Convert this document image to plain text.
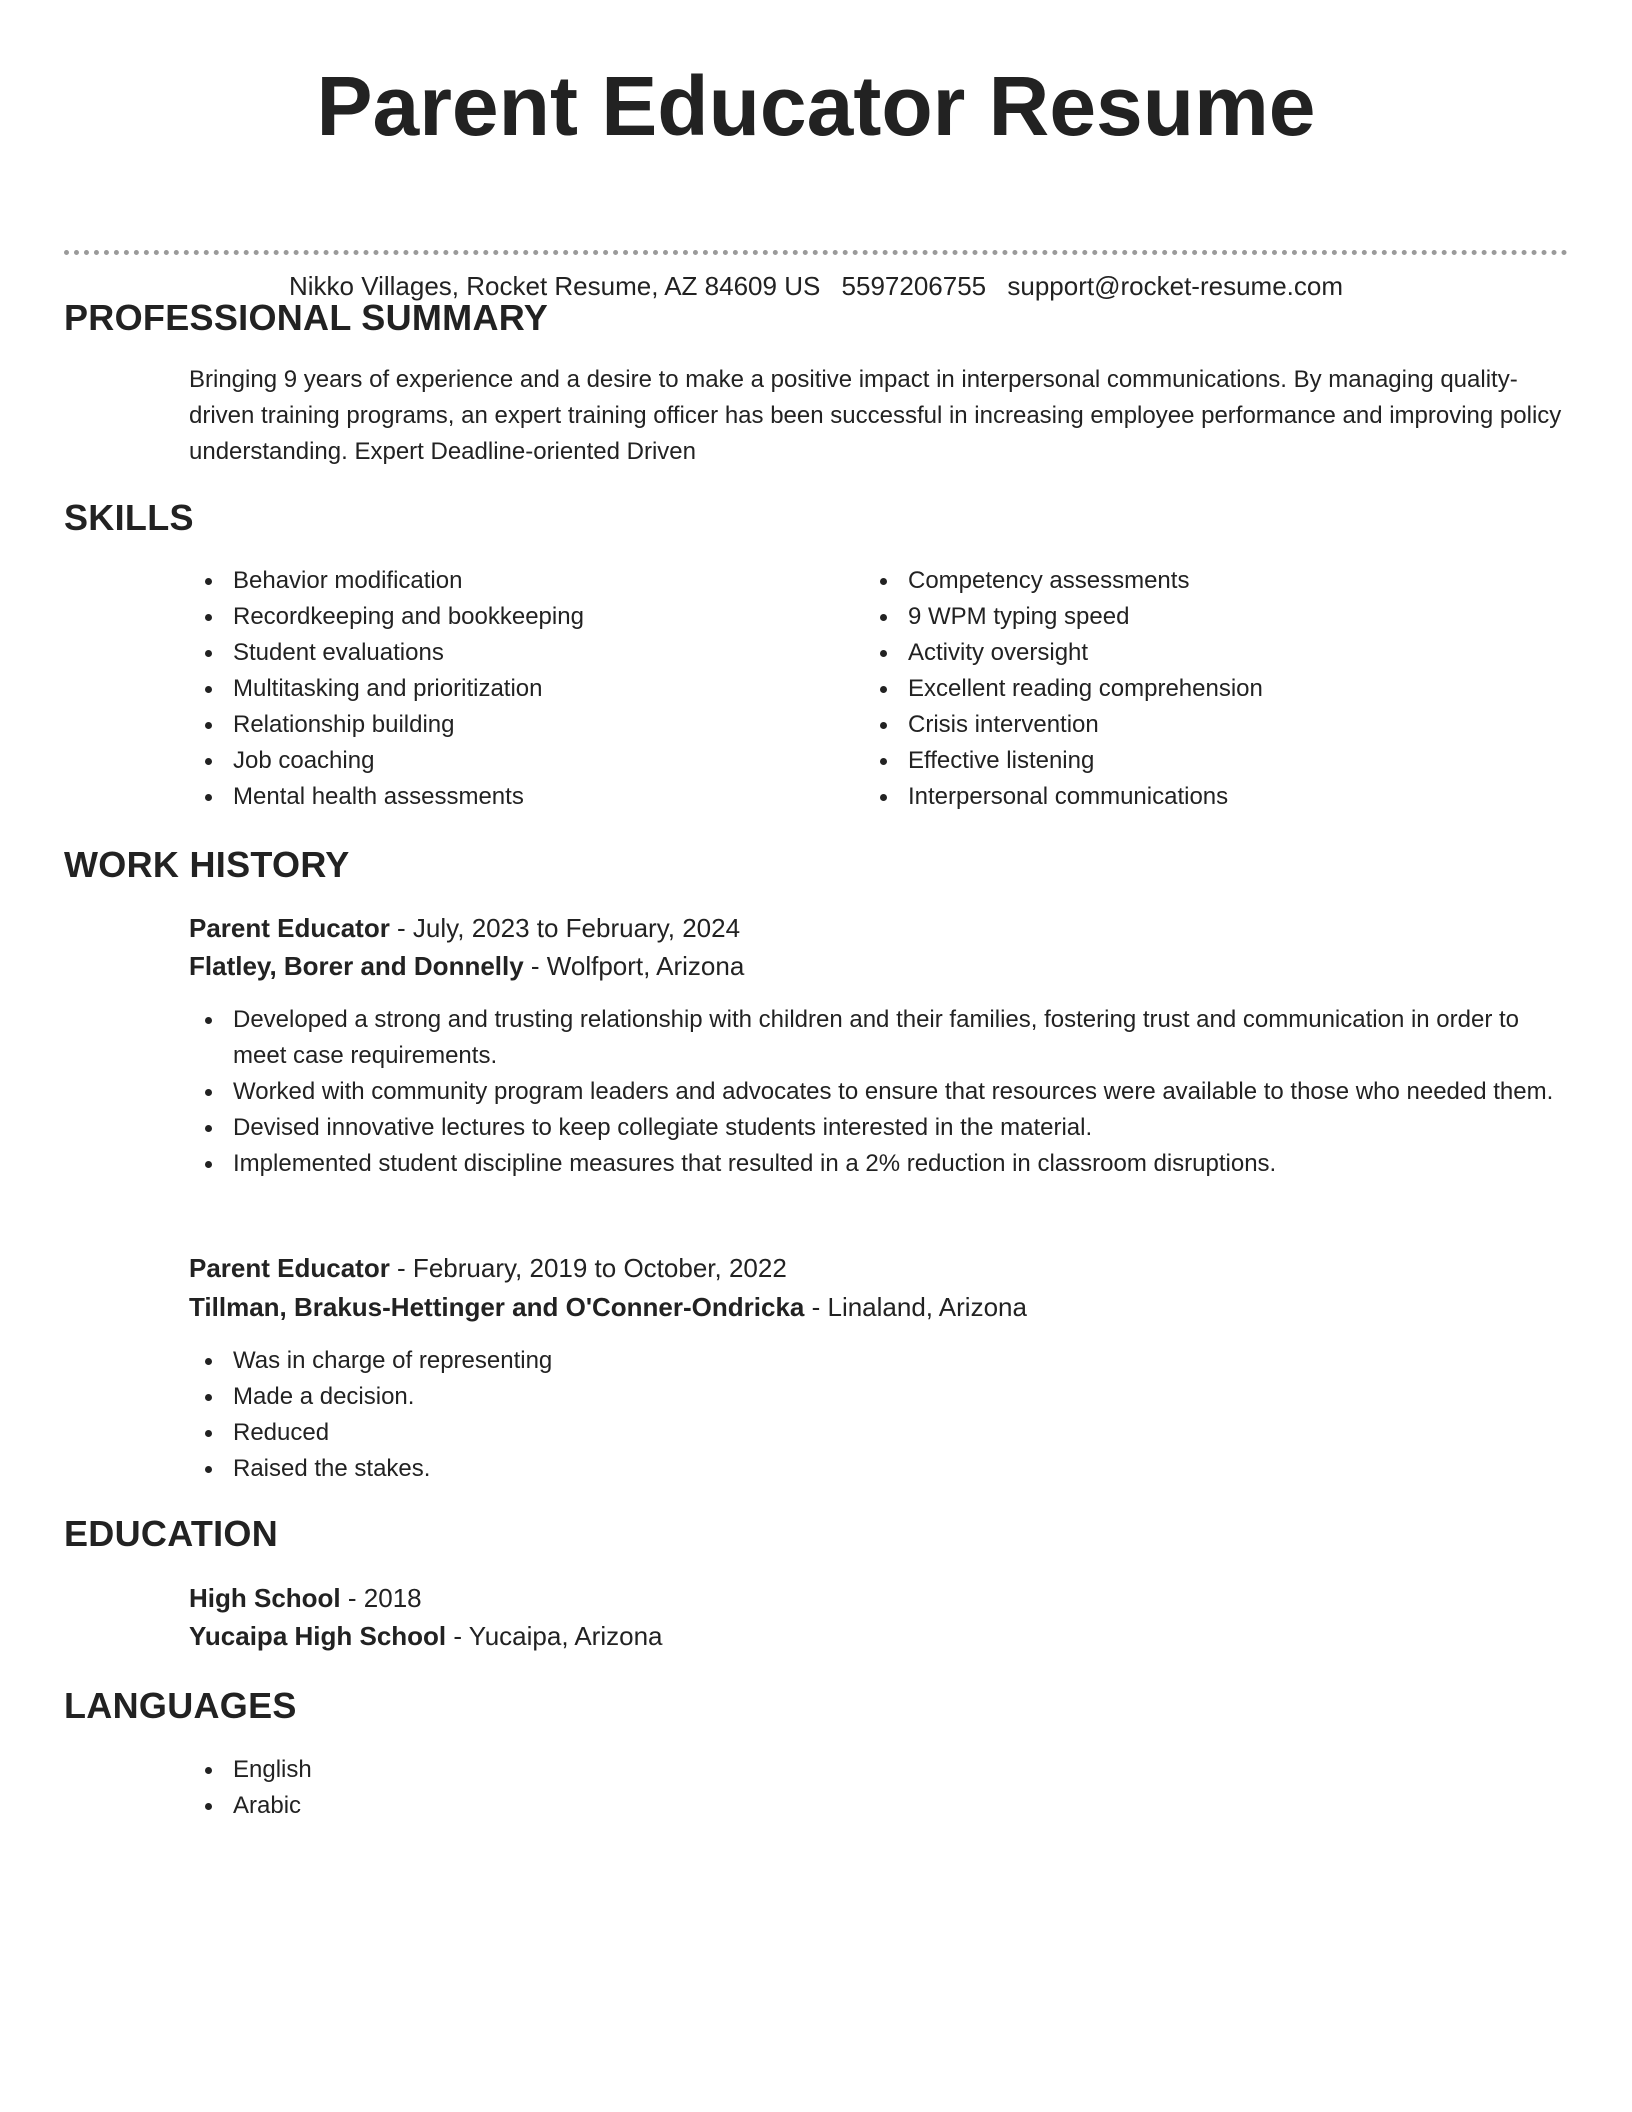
Parent Educator Resume
Nikko Villages, Rocket Resume, AZ 84609 US 5597206755 support@rocket-resume.com
PROFESSIONAL SUMMARY
Bringing 9 years of experience and a desire to make a positive impact in interpersonal communications. By managing quality-driven training programs, an expert training officer has been successful in increasing employee performance and improving policy understanding. Expert Deadline-oriented Driven
SKILLS
Behavior modification
Recordkeeping and bookkeeping
Student evaluations
Multitasking and prioritization
Relationship building
Job coaching
Mental health assessments
Competency assessments
9 WPM typing speed
Activity oversight
Excellent reading comprehension
Crisis intervention
Effective listening
Interpersonal communications
WORK HISTORY
Parent Educator - July, 2023 to February, 2024
Flatley, Borer and Donnelly - Wolfport, Arizona
Developed a strong and trusting relationship with children and their families, fostering trust and communication in order to meet case requirements.
Worked with community program leaders and advocates to ensure that resources were available to those who needed them.
Devised innovative lectures to keep collegiate students interested in the material.
Implemented student discipline measures that resulted in a 2% reduction in classroom disruptions.
Parent Educator - February, 2019 to October, 2022
Tillman, Brakus-Hettinger and O'Conner-Ondricka - Linaland, Arizona
Was in charge of representing
Made a decision.
Reduced
Raised the stakes.
EDUCATION
High School - 2018
Yucaipa High School - Yucaipa, Arizona
LANGUAGES
English
Arabic
